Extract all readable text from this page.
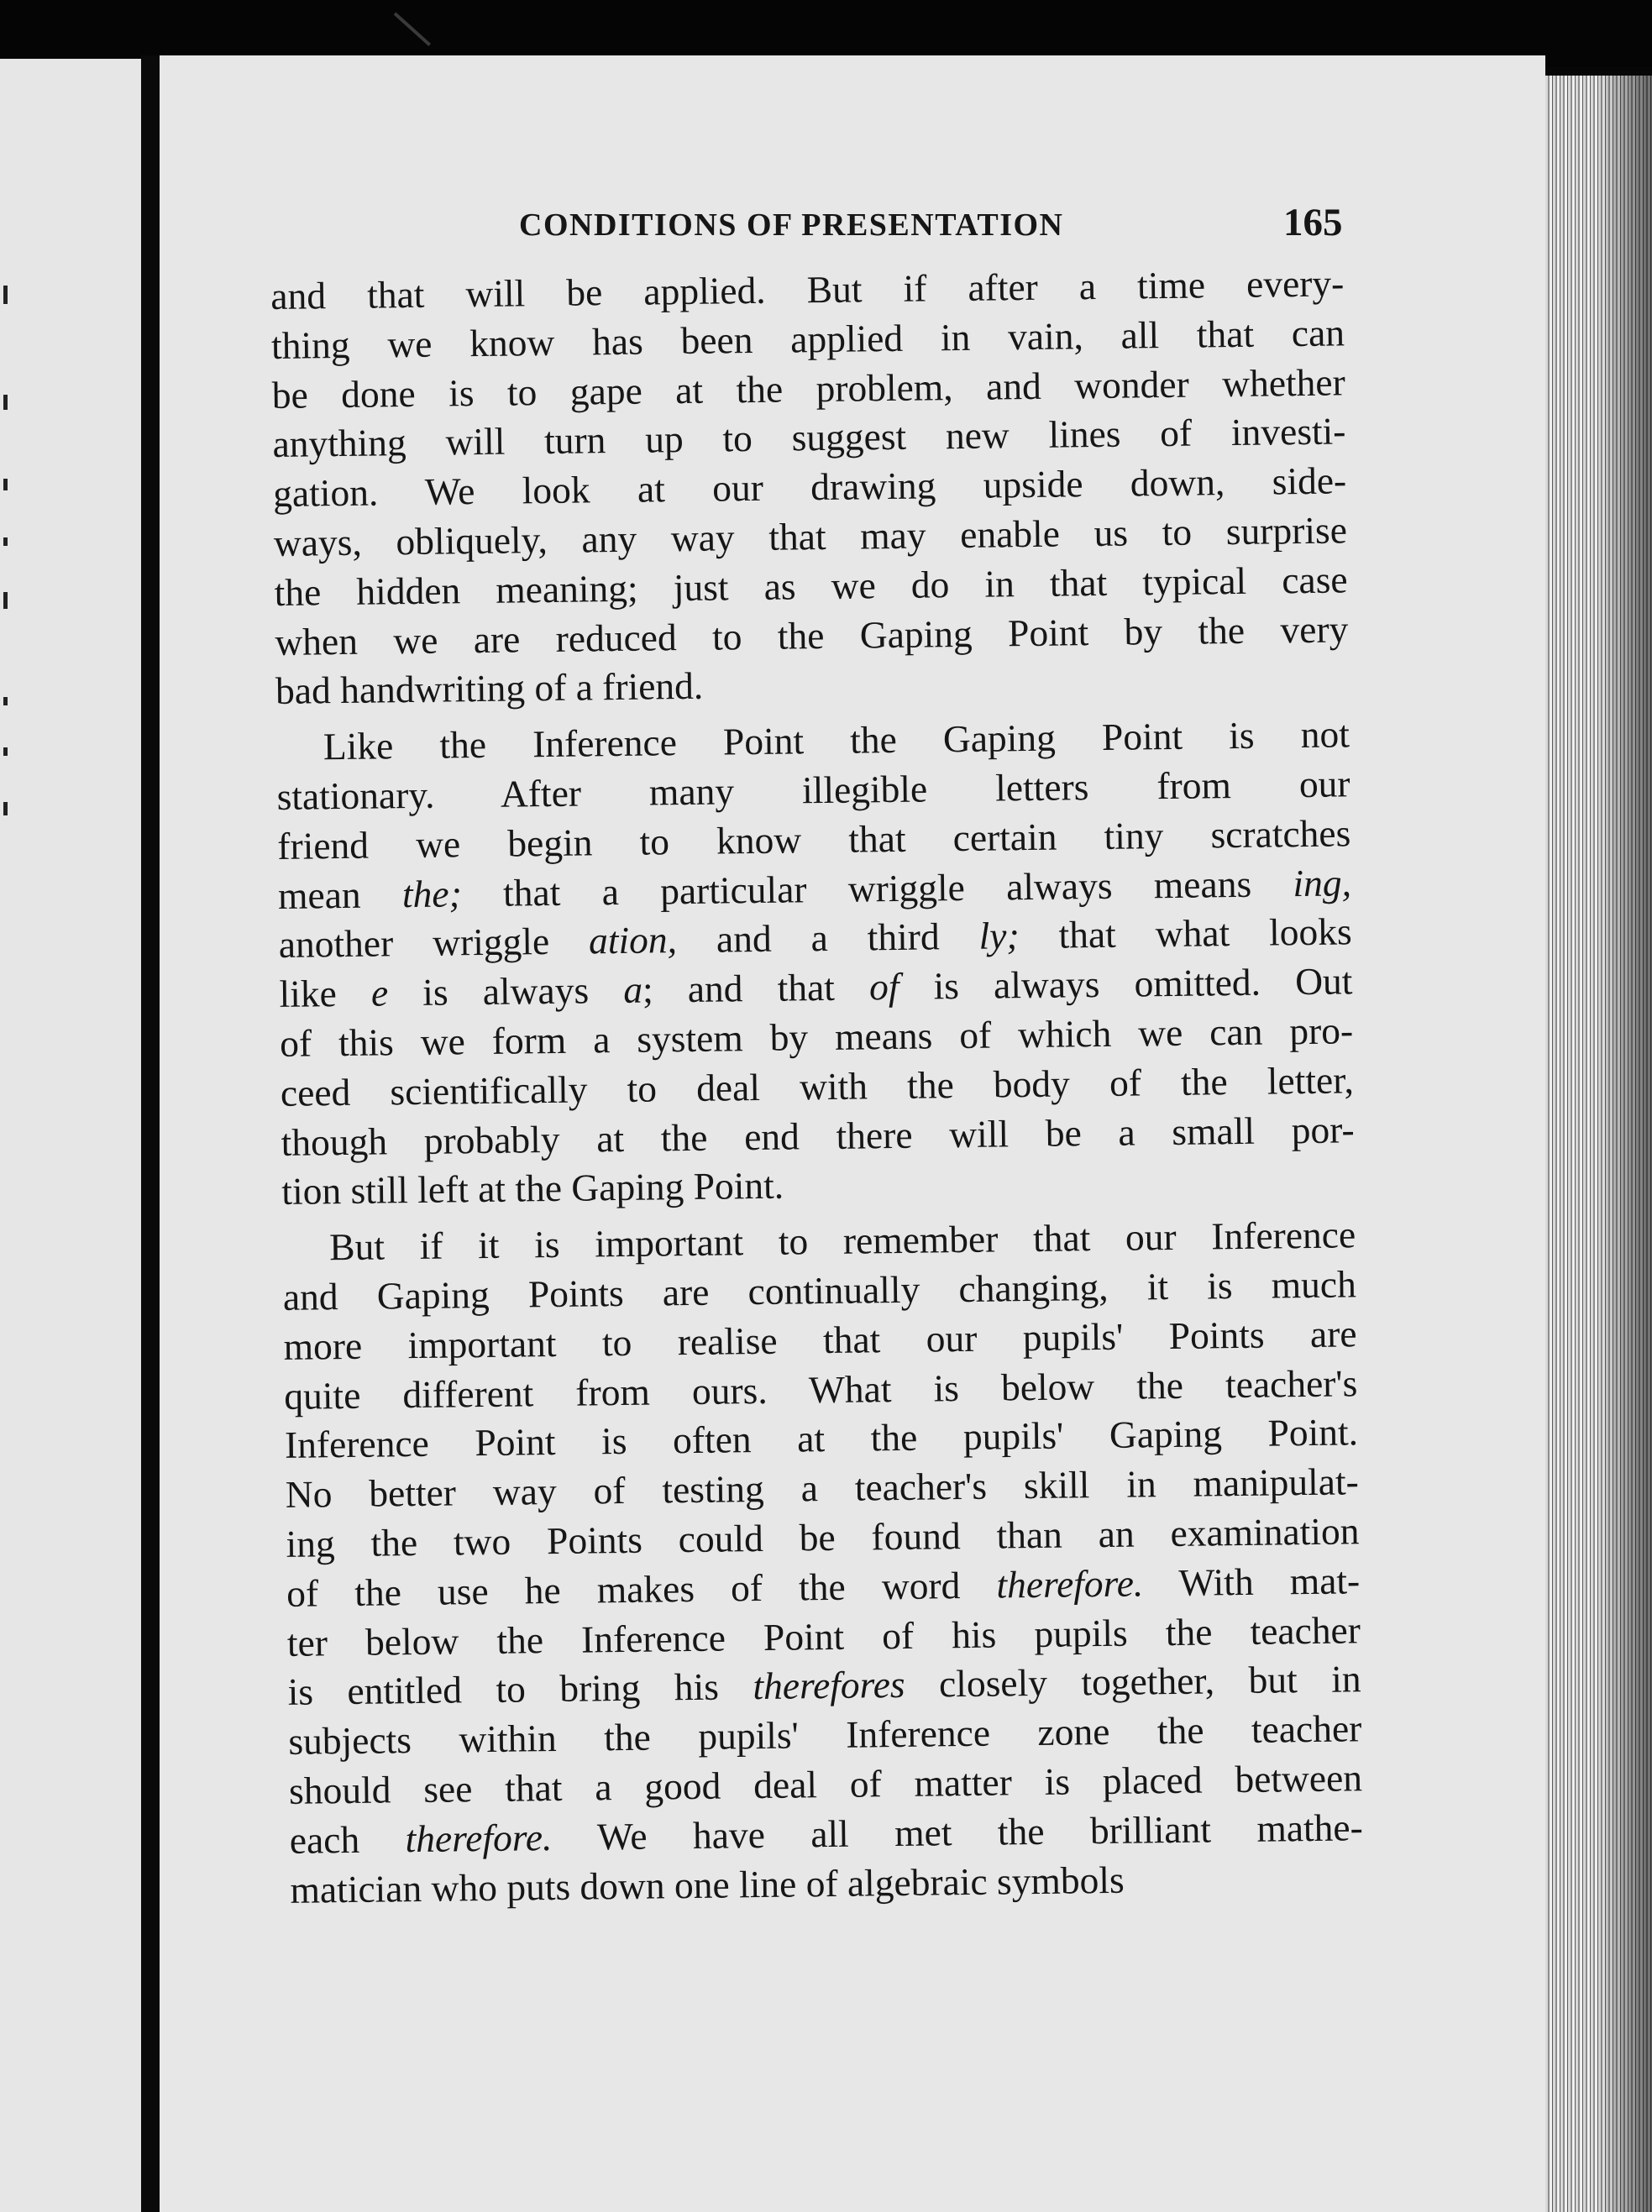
CONDITIONS OF PRESENTATION	165
and that will be applied. But if after a time every-
thing we know has been applied in vain, all that can
be done is to gape at the problem, and wonder whether
anything will turn up to suggest new lines of investi-
gation. We look at our drawing upside down, side-
ways, obliquely, any way that may enable us to surprise
the hidden meaning; just as we do in that typical case
when we are reduced to the Gaping Point by the very
bad handwriting of a friend.
Like the Inference Point the Gaping Point is not
stationary. After many illegible letters from our
friend we begin to know that certain tiny scratches
mean the; that a particular wriggle always means ing,
another wriggle ation, and a third ly; that what looks
like e is always a; and that of is always omitted. Out
of this we form a system by means of which we can pro-
ceed scientifically to deal with the body of the letter,
though probably at the end there will be a small por-
tion still left at the Gaping Point.
But if it is important to remember that our Inference
and Gaping Points are continually changing, it is much
more important to realise that our pupils' Points are
quite different from ours. What is below the teacher's
Inference Point is often at the pupils' Gaping Point.
No better way of testing a teacher's skill in manipulat-
ing the two Points could be found than an examination
of the use he makes of the word therefore. With mat-
ter below the Inference Point of his pupils the teacher
is entitled to bring his therefores closely together, but in
subjects within the pupils' Inference zone the teacher
should see that a good deal of matter is placed between
each therefore. We have all met the brilliant mathe-
matician who puts down one line of algebraic symbols
